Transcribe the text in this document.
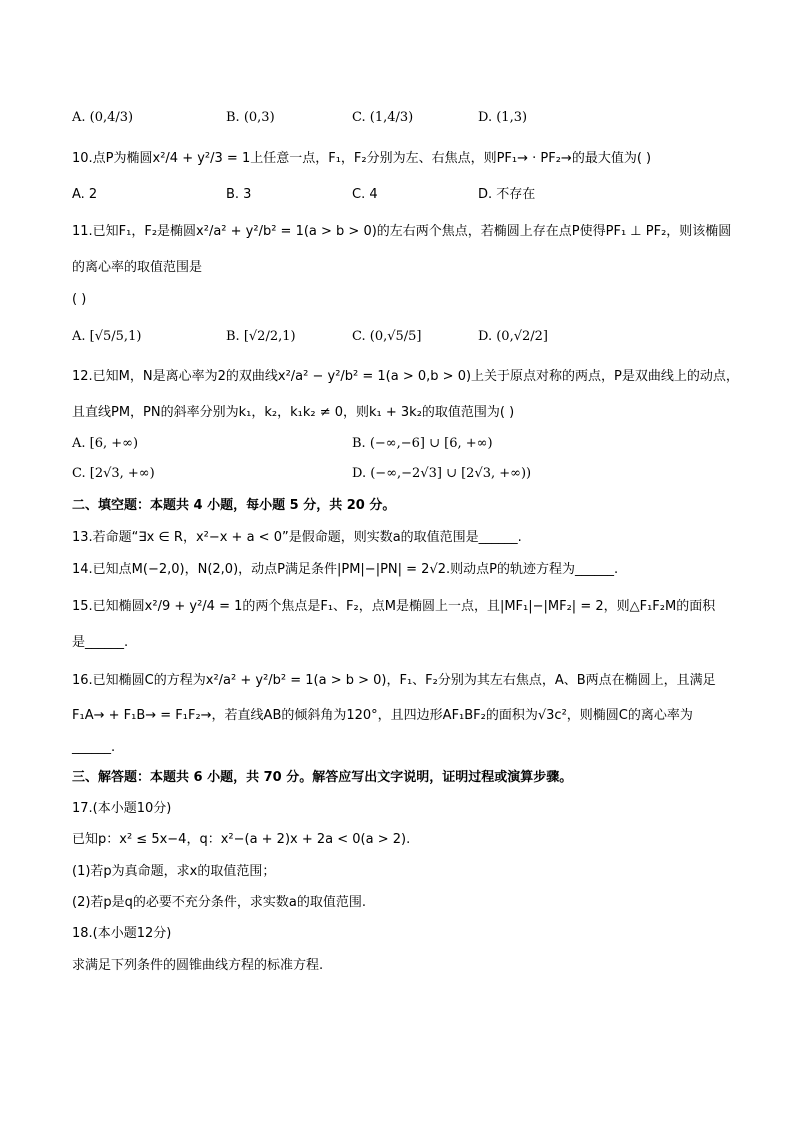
A. (0,4/3)	B. (0,3)	C. (1,4/3)	D. (1,3)
10.点P为椭圆x²/4 + y²/3 = 1上任意一点，F₁，F₂分别为左、右焦点，则PF₁→ · PF₂→的最大值为( )
A. 2	B. 3	C. 4	D. 不存在
11.已知F₁，F₂是椭圆x²/a² + y²/b² = 1(a > b > 0)的左右两个焦点，若椭圆上存在点P使得PF₁ ⊥ PF₂，则该椭圆
的离心率的取值范围是
( )
A. [√5/5,1)	B. [√2/2,1)	C. (0,√5/5]	D. (0,√2/2]
12.已知M，N是离心率为2的双曲线x²/a² − y²/b² = 1(a > 0,b > 0)上关于原点对称的两点，P是双曲线上的动点，
且直线PM，PN的斜率分别为k₁，k₂，k₁k₂ ≠ 0，则k₁ + 3k₂的取值范围为( )
A. [6, +∞)	B. (−∞,−6] ∪ [6, +∞)
C. [2√3, +∞)	D. (−∞,−2√3] ∪ [2√3, +∞))
二、填空题：本题共 4 小题，每小题 5 分，共 20 分。
13.若命题“∃x ∈ R，x²−x + a < 0”是假命题，则实数a的取值范围是______.
14.已知点M(−2,0)，N(2,0)，动点P满足条件|PM|−|PN| = 2√2.则动点P的轨迹方程为______.
15.已知椭圆x²/9 + y²/4 = 1的两个焦点是F₁、F₂，点M是椭圆上一点，且|MF₁|−|MF₂| = 2，则△F₁F₂M的面积
是______.
16.已知椭圆C的方程为x²/a² + y²/b² = 1(a > b > 0)，F₁、F₂分别为其左右焦点，A、B两点在椭圆上，且满足
F₁A→ + F₁B→ = F₁F₂→，若直线AB的倾斜角为120°，且四边形AF₁BF₂的面积为√3c²，则椭圆C的离心率为
______.
三、解答题：本题共 6 小题，共 70 分。解答应写出文字说明，证明过程或演算步骤。
17.(本小题10分)
已知p：x² ≤ 5x−4，q：x²−(a + 2)x + 2a < 0(a > 2).
(1)若p为真命题，求x的取值范围；
(2)若p是q的必要不充分条件，求实数a的取值范围.
18.(本小题12分)
求满足下列条件的圆锥曲线方程的标准方程.
